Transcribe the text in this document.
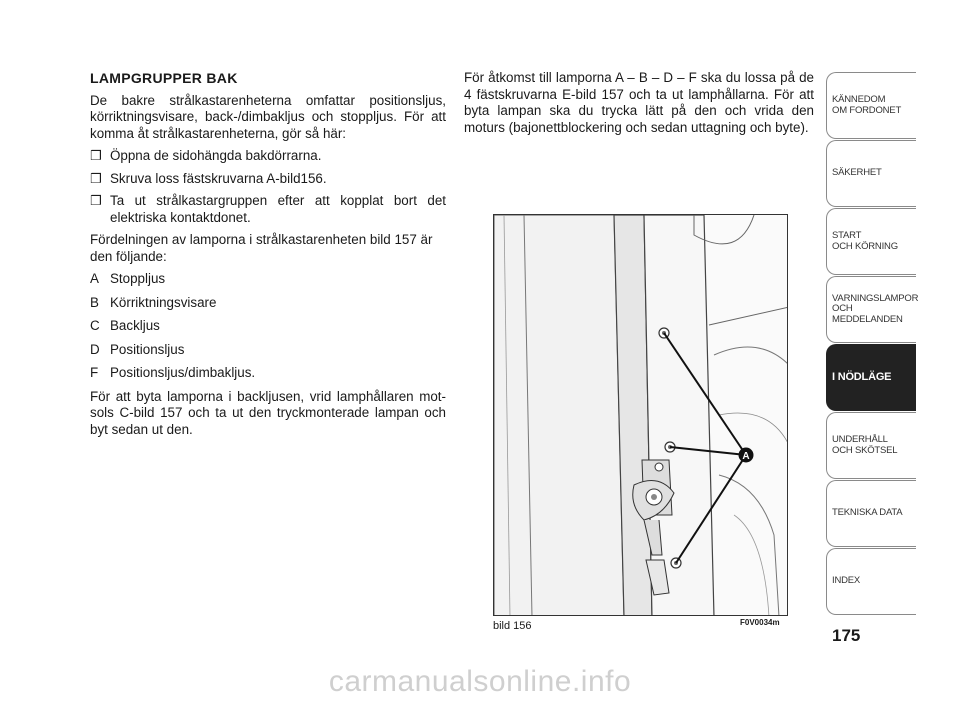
LAMPGRUPPER BAK

De bakre strålkastarenheterna omfattar positionsljus, körriktningsvisare, back-/dimbakljus och stoppljus. För att komma åt strålkastarenheterna, gör så här:

❒ Öppna de sidohängda bakdörrarna.
❒ Skruva loss fästskruvarna A-bild156.
❒ Ta ut strålkastargruppen efter att kopplat bort det elektriska kontaktdonet.

Fördelningen av lamporna i strålkastarenheten bild 157 är den följande:

A Stoppljus
B Körriktningsvisare
C Backljus
D Positionsljus
F Positionsljus/dimbakljus.

För att byta lamporna i backljusen, vrid lamphållaren mot-sols C-bild 157 och ta ut den tryckmonterade lampan och byt sedan ut den.

För åtkomst till lamporna A – B – D – F ska du lossa på de 4 fästskruvarna E-bild 157 och ta ut lamphållarna. För att byta lampan ska du trycka lätt på den och vrida den moturs (bajonettblockering och sedan uttagning och byte).
A
bild 156	F0V0034m
175
KÄNNEDOM
OM FORDONET
SÄKERHET
START
OCH KÖRNING
VARNINGSLAMPOR
OCH
MEDDELANDEN
I NÖDLÄGE
UNDERHÅLL
OCH SKÖTSEL
TEKNISKA DATA
INDEX
carmanualsonline.info
